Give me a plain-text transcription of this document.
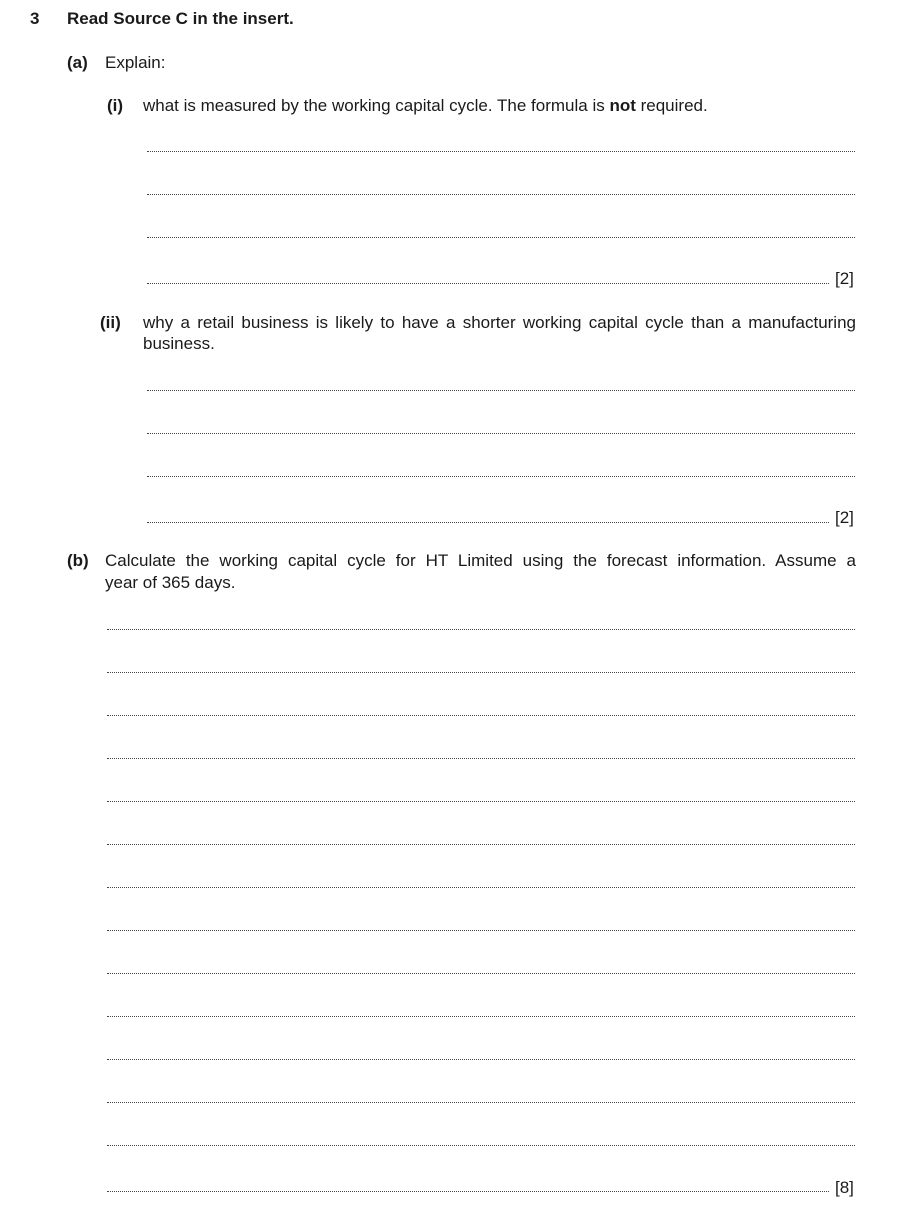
3 Read Source C in the insert.
(a) Explain:
(i) what is measured by the working capital cycle. The formula is not required.
[2]
(ii) why a retail business is likely to have a shorter working capital cycle than a manufacturing
business.
[2]
(b) Calculate the working capital cycle for HT Limited using the forecast information. Assume a
year of 365 days.
[8]
